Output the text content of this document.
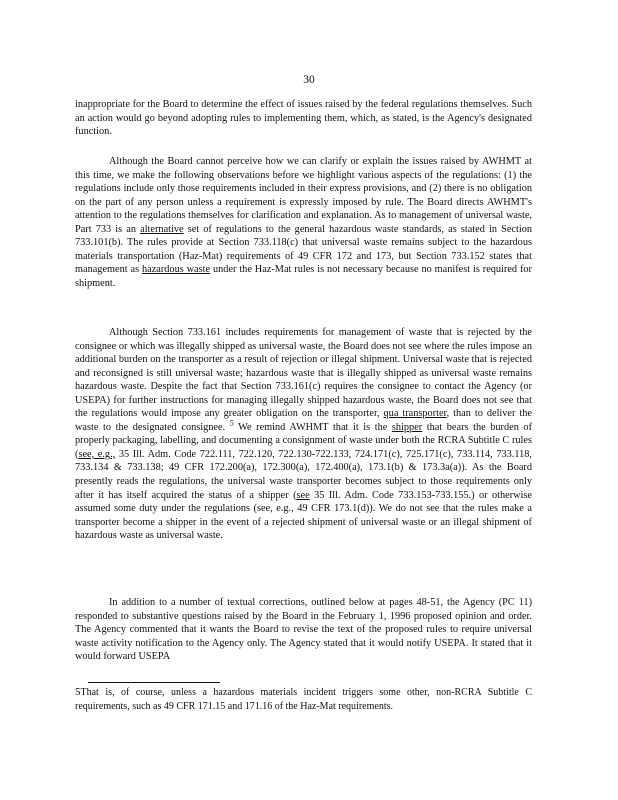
30

inappropriate for the Board to determine the effect of issues raised by the federal regulations themselves. Such an action would go beyond adopting rules to implementing them, which, as stated, is the Agency's designated function.

Although the Board cannot perceive how we can clarify or explain the issues raised by AWHMT at this time, we make the following observations before we highlight various aspects of the regulations: (1) the regulations include only those requirements included in their express provisions, and (2) there is no obligation on the part of any person unless a requirement is expressly imposed by rule. The Board directs AWHMT's attention to the regulations themselves for clarification and explanation. As to management of universal waste, Part 733 is an alternative set of regulations to the general hazardous waste standards, as stated in Section 733.101(b). The rules provide at Section 733.118(c) that universal waste remains subject to the hazardous materials transportation (Haz-Mat) requirements of 49 CFR 172 and 173, but Section 733.152 states that management as hazardous waste under the Haz-Mat rules is not necessary because no manifest is required for shipment.

Although Section 733.161 includes requirements for management of waste that is rejected by the consignee or which was illegally shipped as universal waste, the Board does not see where the rules impose an additional burden on the transporter as a result of rejection or illegal shipment. Universal waste that is rejected and reconsigned is still universal waste; hazardous waste that is illegally shipped as universal waste remains hazardous waste. Despite the fact that Section 733.161(c) requires the consignee to contact the Agency (or USEPA) for further instructions for managing illegally shipped hazardous waste, the Board does not see that the regulations would impose any greater obligation on the transporter, qua transporter, than to deliver the waste to the designated consignee. $^5$ We remind AWHMT that it is the shipper that bears the burden of properly packaging, labelling, and documenting a consignment of waste under both the RCRA Subtitle C rules (see, e.g., 35 Ill. Adm. Code 722.111, 722.120, 722.130-722.133, 724.171(c), 725.171(c), 733.114, 733.118, 733.134 & 733.138; 49 CFR 172.200(a), 172.300(a), 172.400(a), 173.1(b) & 173.3a(a)). As the Board presently reads the regulations, the universal waste transporter becomes subject to those requirements only after it has itself acquired the status of a shipper (see 35 Ill. Adm. Code 733.153-733.155.) or otherwise assumed some duty under the regulations (see, e.g., 49 CFR 173.1(d)). We do not see that the rules make a transporter become a shipper in the event of a rejected shipment of universal waste or an illegal shipment of hazardous waste as universal waste.

In addition to a number of textual corrections, outlined below at pages 48-51, the Agency (PC 11) responded to substantive questions raised by the Board in the February 1, 1996 proposed opinion and order. The Agency commented that it wants the Board to revise the text of the proposed rules to require universal waste activity notification to the Agency only. The Agency stated that it would notify USEPA. It stated that it would forward USEPA

5That is, of course, unless a hazardous materials incident triggers some other, non-RCRA Subtitle C requirements, such as 49 CFR 171.15 and 171.16 of the Haz-Mat requirements.
